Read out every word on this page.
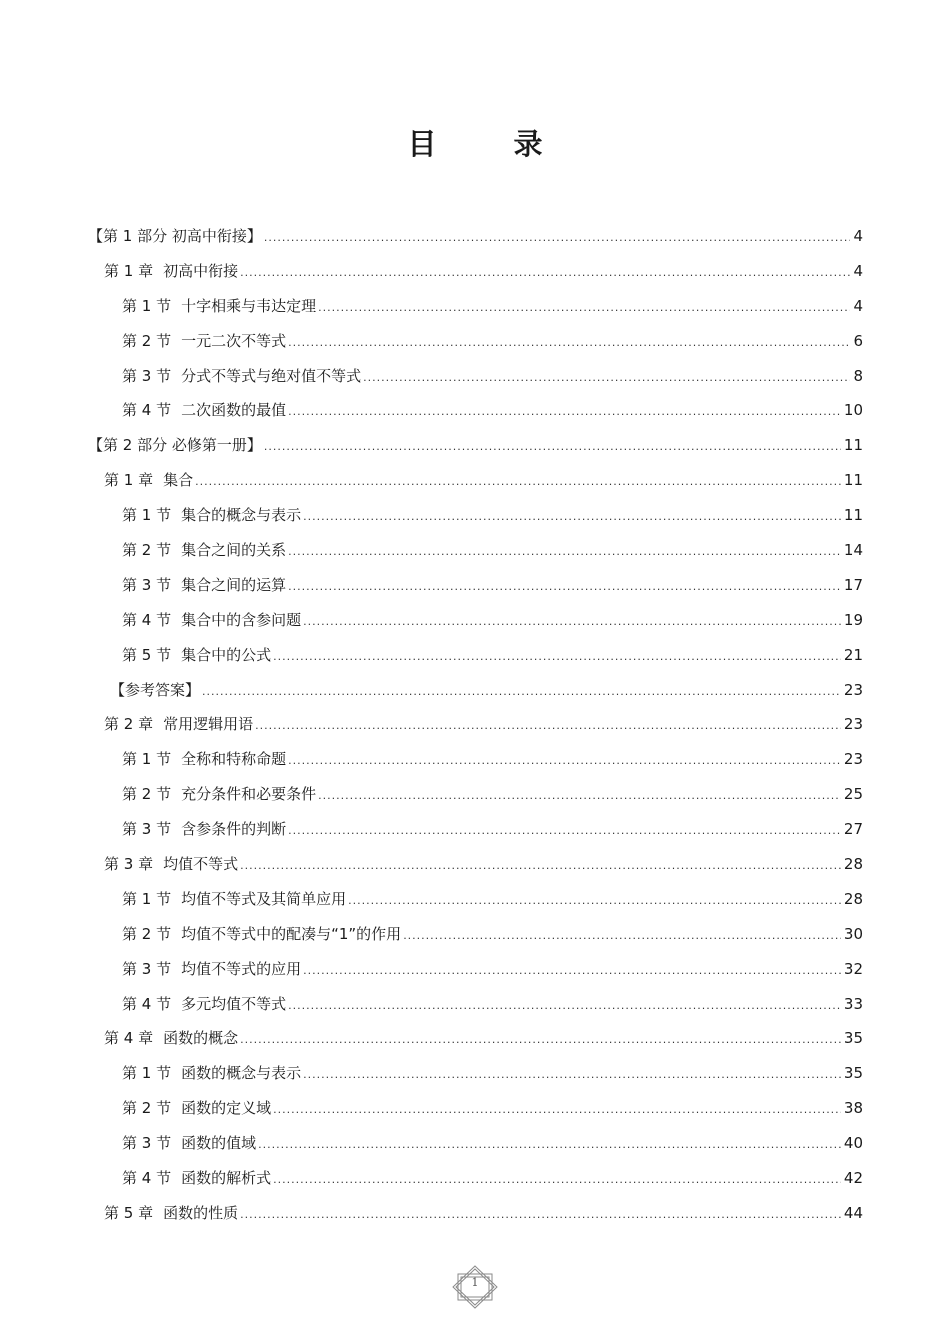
目　录
【第 1 部分 初高中衔接】 .....	4
第 1 章 初高中衔接 .....	4
第 1 节 十字相乘与韦达定理 .....	4
第 2 节 一元二次不等式 .....	6
第 3 节 分式不等式与绝对值不等式 .....	8
第 4 节 二次函数的最值 .....	10
【第 2 部分 必修第一册】 .....	11
第 1 章 集合 .....	11
第 1 节 集合的概念与表示 .....	11
第 2 节 集合之间的关系 .....	14
第 3 节 集合之间的运算 .....	17
第 4 节 集合中的含参问题 .....	19
第 5 节 集合中的公式 .....	21
【参考答案】 .....	23
第 2 章 常用逻辑用语 .....	23
第 1 节 全称和特称命题 .....	23
第 2 节 充分条件和必要条件 .....	25
第 3 节 含参条件的判断 .....	27
第 3 章 均值不等式 .....	28
第 1 节 均值不等式及其简单应用 .....	28
第 2 节 均值不等式中的配凑与“1”的作用 .....	30
第 3 节 均值不等式的应用 .....	32
第 4 节 多元均值不等式 .....	33
第 4 章 函数的概念 .....	35
第 1 节 函数的概念与表示 .....	35
第 2 节 函数的定义域 .....	38
第 3 节 函数的值域 .....	40
第 4 节 函数的解析式 .....	42
第 5 章 函数的性质 .....	44
1
